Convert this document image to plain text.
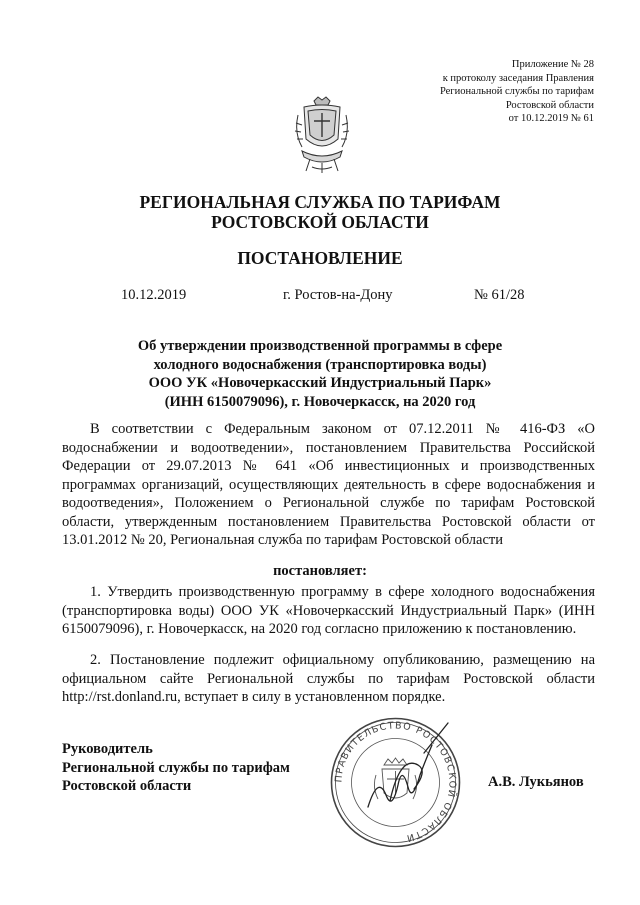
Приложение № 28
к протоколу заседания Правления
Региональной службы по тарифам
Ростовской области
от 10.12.2019 № 61
РЕГИОНАЛЬНАЯ СЛУЖБА ПО ТАРИФАМ
РОСТОВСКОЙ ОБЛАСТИ
ПОСТАНОВЛЕНИЕ
10.12.2019	г. Ростов-на-Дону	№ 61/28
Об утверждении производственной программы в сфере
холодного водоснабжения (транспортировка воды)
ООО УК «Новочеркасский Индустриальный Парк»
(ИНН 6150079096), г. Новочеркасск, на 2020 год
В соответствии с Федеральным законом от 07.12.2011 № 416-ФЗ «О водоснабжении и водоотведении», постановлением Правительства Российской Федерации от 29.07.2013 № 641 «Об инвестиционных и производственных программах организаций, осуществляющих деятельность в сфере водоснабжения и водоотведения», Положением о Региональной службе по тарифам Ростовской области, утвержденным постановлением Правительства Ростовской области от 13.01.2012 № 20, Региональная служба по тарифам Ростовской области
постановляет:
1. Утвердить производственную программу в сфере холодного водоснабжения (транспортировка воды) ООО УК «Новочеркасский Индустриальный Парк» (ИНН 6150079096), г. Новочеркасск, на 2020 год согласно приложению к постановлению.
2. Постановление подлежит официальному опубликованию, размещению на официальном сайте Региональной службы по тарифам Ростовской области http://rst.donland.ru, вступает в силу в установленном порядке.
Руководитель
Региональной службы по тарифам
Ростовской области	ПРАВИТЕЛЬСТВО РОСТОВСКОЙ ОБЛАСТИ
А.В. Лукьянов
